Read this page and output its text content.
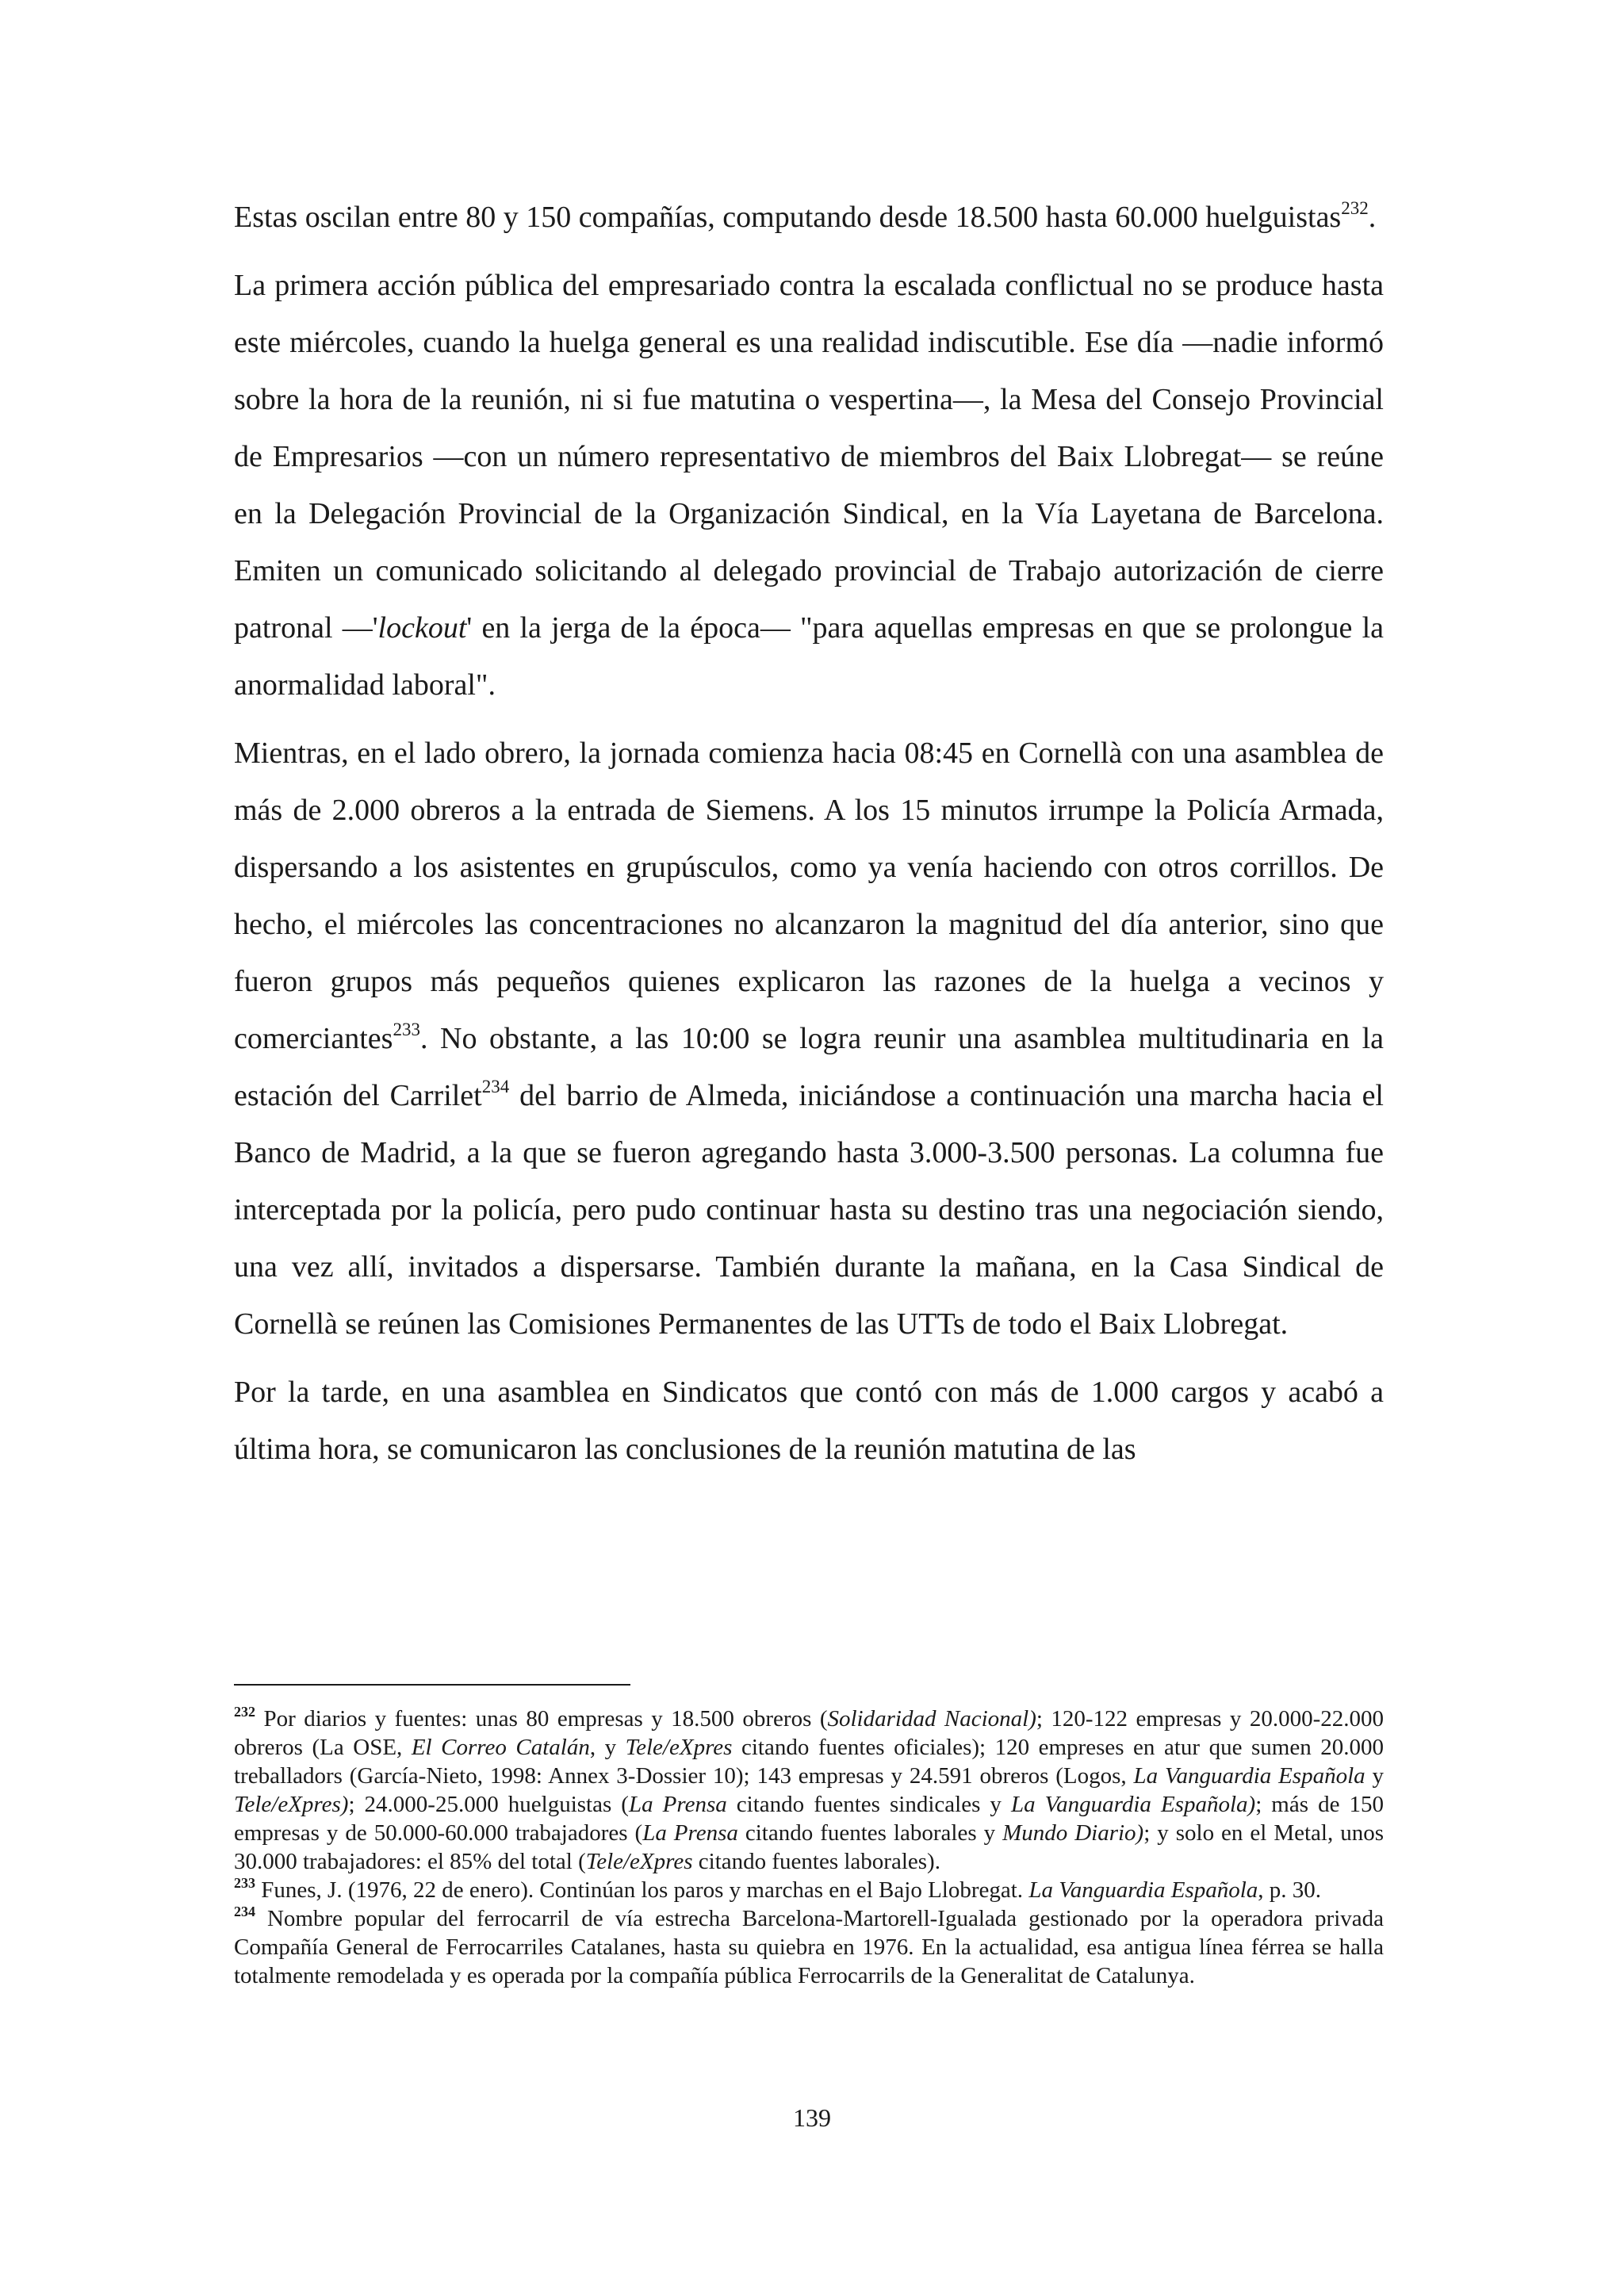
Estas oscilan entre 80 y 150 compañías, computando desde 18.500 hasta 60.000 huelguistas$^{232}$.

La primera acción pública del empresariado contra la escalada conflictual no se produce hasta este miércoles, cuando la huelga general es una realidad indiscutible. Ese día —nadie informó sobre la hora de la reunión, ni si fue matutina o vespertina—, la Mesa del Consejo Provincial de Empresarios —con un número representativo de miembros del Baix Llobregat— se reúne en la Delegación Provincial de la Organización Sindical, en la Vía Layetana de Barcelona. Emiten un comunicado solicitando al delegado provincial de Trabajo autorización de cierre patronal —'lockout' en la jerga de la época— "para aquellas empresas en que se prolongue la anormalidad laboral".

Mientras, en el lado obrero, la jornada comienza hacia 08:45 en Cornellà con una asamblea de más de 2.000 obreros a la entrada de Siemens. A los 15 minutos irrumpe la Policía Armada, dispersando a los asistentes en grupúsculos, como ya venía haciendo con otros corrillos. De hecho, el miércoles las concentraciones no alcanzaron la magnitud del día anterior, sino que fueron grupos más pequeños quienes explicaron las razones de la huelga a vecinos y comerciantes$^{233}$. No obstante, a las 10:00 se logra reunir una asamblea multitudinaria en la estación del Carrilet$^{234}$ del barrio de Almeda, iniciándose a continuación una marcha hacia el Banco de Madrid, a la que se fueron agregando hasta 3.000-3.500 personas. La columna fue interceptada por la policía, pero pudo continuar hasta su destino tras una negociación siendo, una vez allí, invitados a dispersarse. También durante la mañana, en la Casa Sindical de Cornellà se reúnen las Comisiones Permanentes de las UTTs de todo el Baix Llobregat.

Por la tarde, en una asamblea en Sindicatos que contó con más de 1.000 cargos y acabó a última hora, se comunicaron las conclusiones de la reunión matutina de las

$^{232}$ Por diarios y fuentes: unas 80 empresas y 18.500 obreros (Solidaridad Nacional); 120-122 empresas y 20.000-22.000 obreros (La OSE, El Correo Catalán, y Tele/eXpres citando fuentes oficiales); 120 empreses en atur que sumen 20.000 treballadors (García-Nieto, 1998: Annex 3-Dossier 10); 143 empresas y 24.591 obreros (Logos, La Vanguardia Española y Tele/eXpres); 24.000-25.000 huelguistas (La Prensa citando fuentes sindicales y La Vanguardia Española); más de 150 empresas y de 50.000-60.000 trabajadores (La Prensa citando fuentes laborales y Mundo Diario); y solo en el Metal, unos 30.000 trabajadores: el 85% del total (Tele/eXpres citando fuentes laborales).

$^{233}$ Funes, J. (1976, 22 de enero). Continúan los paros y marchas en el Bajo Llobregat. La Vanguardia Española, p. 30.

$^{234}$ Nombre popular del ferrocarril de vía estrecha Barcelona-Martorell-Igualada gestionado por la operadora privada Compañía General de Ferrocarriles Catalanes, hasta su quiebra en 1976. En la actualidad, esa antigua línea férrea se halla totalmente remodelada y es operada por la compañía pública Ferrocarrils de la Generalitat de Catalunya.

139
